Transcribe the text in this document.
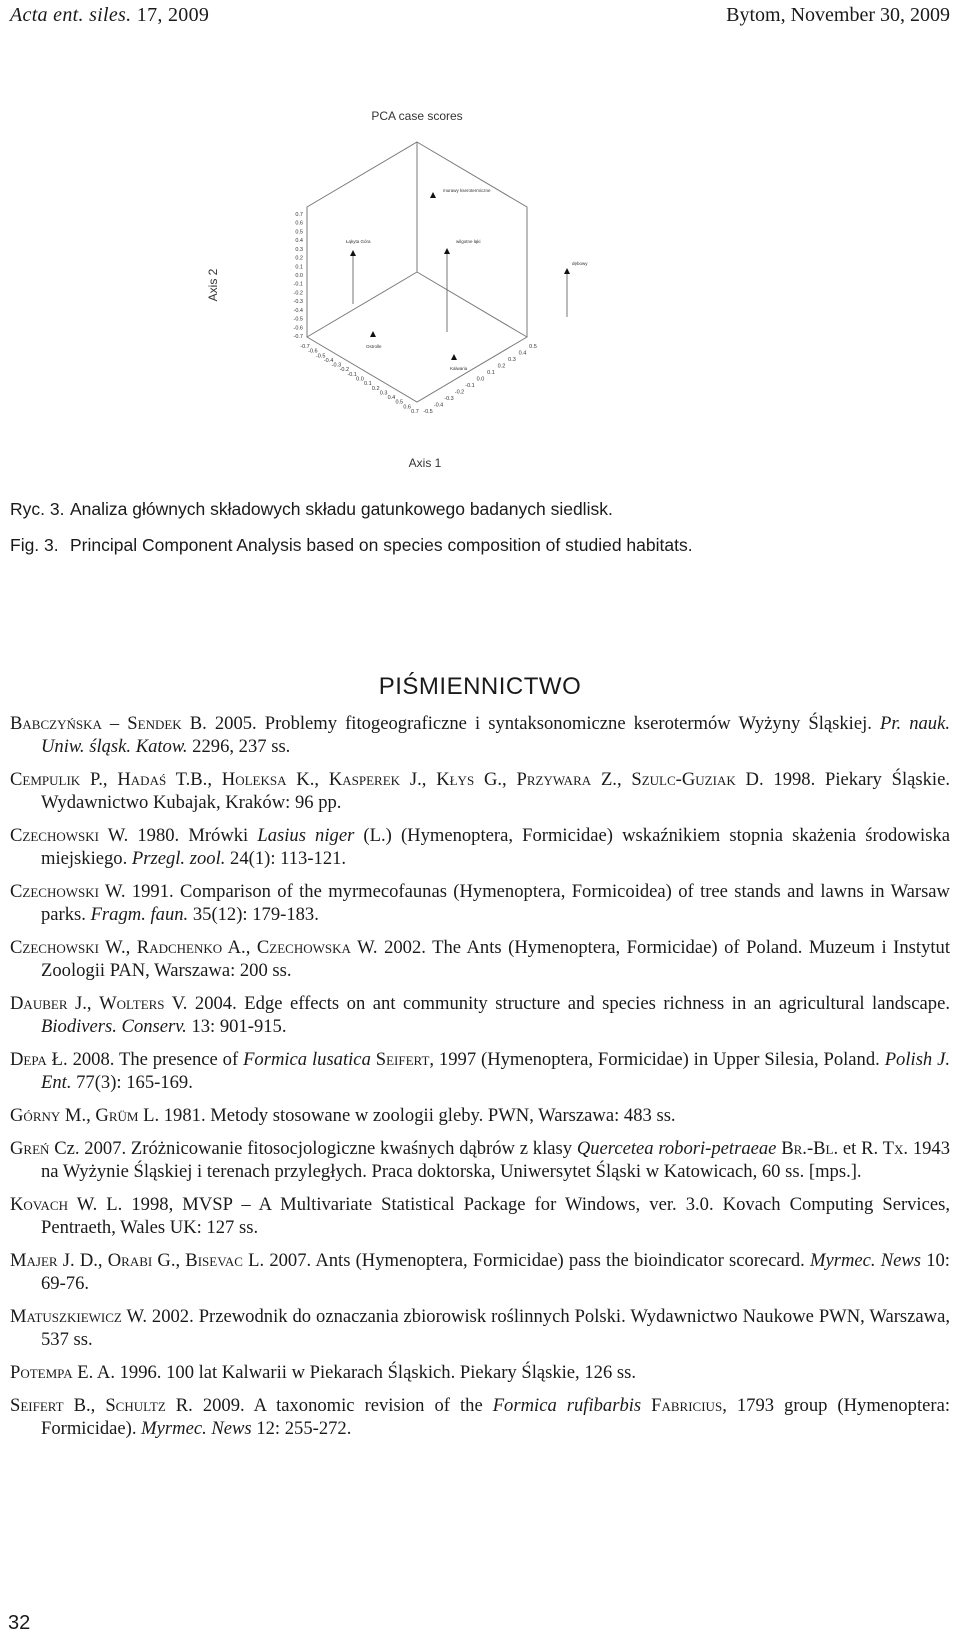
Acta ent. siles. 17, 2009	Bytom, November 30, 2009
PCA case scores
Axis 2
Axis 1
0.7
0.6
0.5
0.4
0.3
0.2
0.1
0.0
-0.1
-0.2
-0.3
-0.4
-0.5
-0.6
-0.7
-0.7
-0.6
-0.5
-0.4
-0.3
-0.2
-0.1
0.0
0.1
0.2
0.3
0.4
0.5
0.6
0.7 -0.5
-0.4
-0.3
-0.2
-0.1
0.0
0.1
0.2
0.3
0.4
0.5
murawy kserotermiczne
wilgotne łąki
Łąkyta Góra
dębowy
Ostrolle
Kalwaria
Ryc. 3. Analiza głównych składowych składu gatunkowego badanych siedlisk.
Fig. 3. Principal Component Analysis based on species composition of studied habitats.
PIŚMIENNICTWO
Babczyńska – Sendek B. 2005. Problemy fitogeograficzne i syntaksonomiczne kserotermów Wyżyny Śląskiej. Pr. nauk. Uniw. śląsk. Katow. 2296, 237 ss.
Cempulik P., Hadaś T.B., Holeksa K., Kasperek J., Kłys G., Przywara Z., Szulc-Guziak D. 1998. Piekary Śląskie. Wydawnictwo Kubajak, Kraków: 96 pp.
Czechowski W. 1980. Mrówki Lasius niger (L.) (Hymenoptera, Formicidae) wskaźnikiem stopnia skażenia środowiska miejskiego. Przegl. zool. 24(1): 113-121.
Czechowski W. 1991. Comparison of the myrmecofaunas (Hymenoptera, Formicoidea) of tree stands and lawns in Warsaw parks. Fragm. faun. 35(12): 179-183.
Czechowski W., Radchenko A., Czechowska W. 2002. The Ants (Hymenoptera, Formicidae) of Poland. Muzeum i Instytut Zoologii PAN, Warszawa: 200 ss.
Dauber J., Wolters V. 2004. Edge effects on ant community structure and species richness in an agricultural landscape. Biodivers. Conserv. 13: 901-915.
Depa Ł. 2008. The presence of Formica lusatica Seifert, 1997 (Hymenoptera, Formicidae) in Upper Silesia, Poland. Polish J. Ent. 77(3): 165-169.
Górny M., Grüm L. 1981. Metody stosowane w zoologii gleby. PWN, Warszawa: 483 ss.
Greń Cz. 2007. Zróżnicowanie fitosocjologiczne kwaśnych dąbrów z klasy Quercetea robori-petraeae Br.-Bl. et R. Tx. 1943 na Wyżynie Śląskiej i terenach przyległych. Praca doktorska, Uniwersytet Śląski w Katowicach, 60 ss. [mps.].
Kovach W. L. 1998, MVSP – A Multivariate Statistical Package for Windows, ver. 3.0. Kovach Computing Services, Pentraeth, Wales UK: 127 ss.
Majer J. D., Orabi G., Bisevac L. 2007. Ants (Hymenoptera, Formicidae) pass the bioindicator scorecard. Myrmec. News 10: 69-76.
Matuszkiewicz W. 2002. Przewodnik do oznaczania zbiorowisk roślinnych Polski. Wydawnictwo Naukowe PWN, Warszawa, 537 ss.
Potempa E. A. 1996. 100 lat Kalwarii w Piekarach Śląskich. Piekary Śląskie, 126 ss.
Seifert B., Schultz R. 2009. A taxonomic revision of the Formica rufibarbis Fabricius, 1793 group (Hymenoptera: Formicidae). Myrmec. News 12: 255-272.
32
